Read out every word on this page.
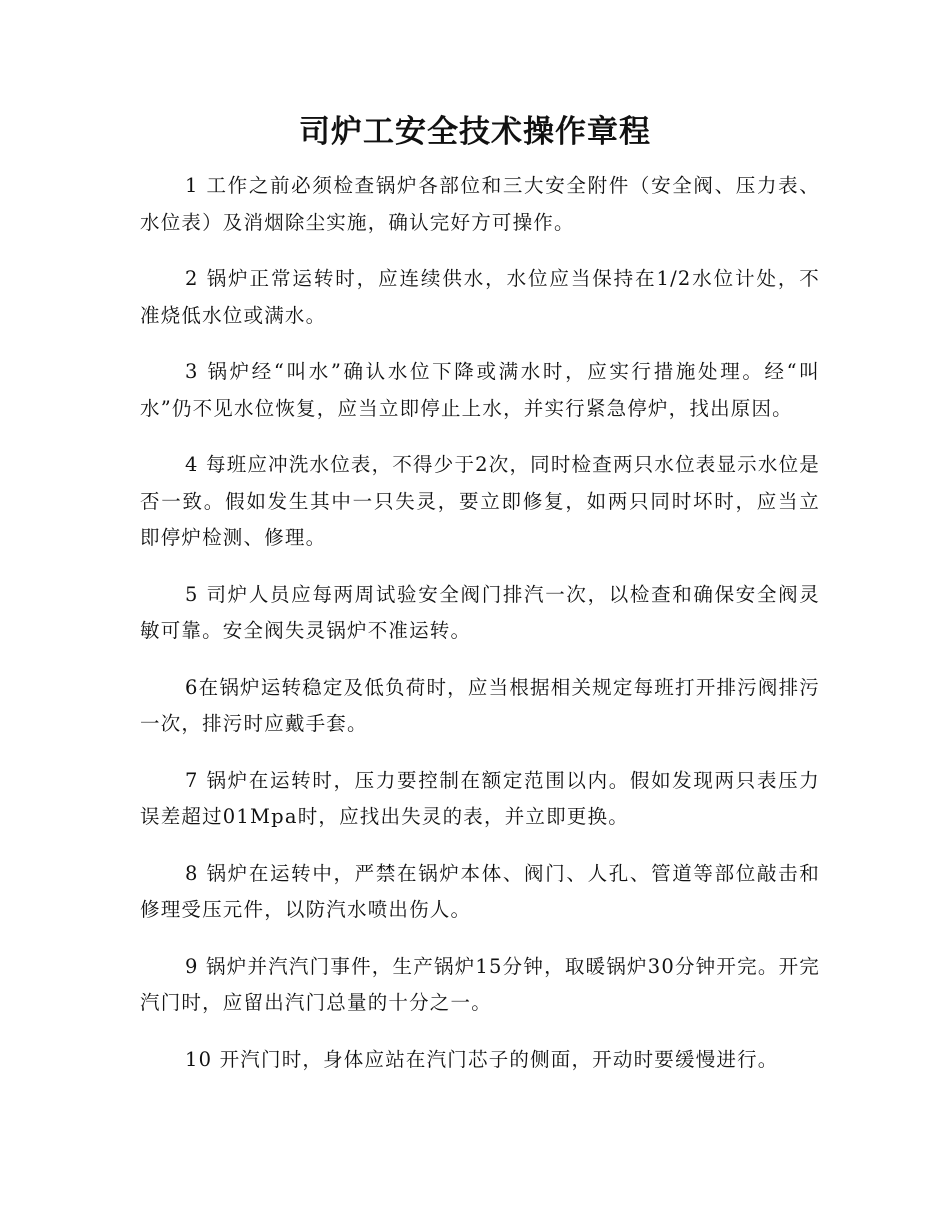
司炉工安全技术操作章程

1 工作之前必须检查锅炉各部位和三大安全附件（安全阀、压力表、水位表）及消烟除尘实施，确认完好方可操作。

2 锅炉正常运转时，应连续供水，水位应当保持在1/2水位计处，不准烧低水位或满水。

3 锅炉经“叫水”确认水位下降或满水时，应实行措施处理。经“叫水”仍不见水位恢复，应当立即停止上水，并实行紧急停炉，找出原因。

4 每班应冲洗水位表，不得少于2次，同时检查两只水位表显示水位是否一致。假如发生其中一只失灵，要立即修复，如两只同时坏时，应当立即停炉检测、修理。

5 司炉人员应每两周试验安全阀门排汽一次，以检查和确保安全阀灵敏可靠。安全阀失灵锅炉不准运转。

6在锅炉运转稳定及低负荷时，应当根据相关规定每班打开排污阀排污一次，排污时应戴手套。

7 锅炉在运转时，压力要控制在额定范围以内。假如发现两只表压力误差超过01Mpa时，应找出失灵的表，并立即更换。

8 锅炉在运转中，严禁在锅炉本体、阀门、人孔、管道等部位敲击和修理受压元件，以防汽水喷出伤人。

9 锅炉并汽汽门事件，生产锅炉15分钟，取暖锅炉30分钟开完。开完汽门时，应留出汽门总量的十分之一。

10 开汽门时，身体应站在汽门芯子的侧面，开动时要缓慢进行。
